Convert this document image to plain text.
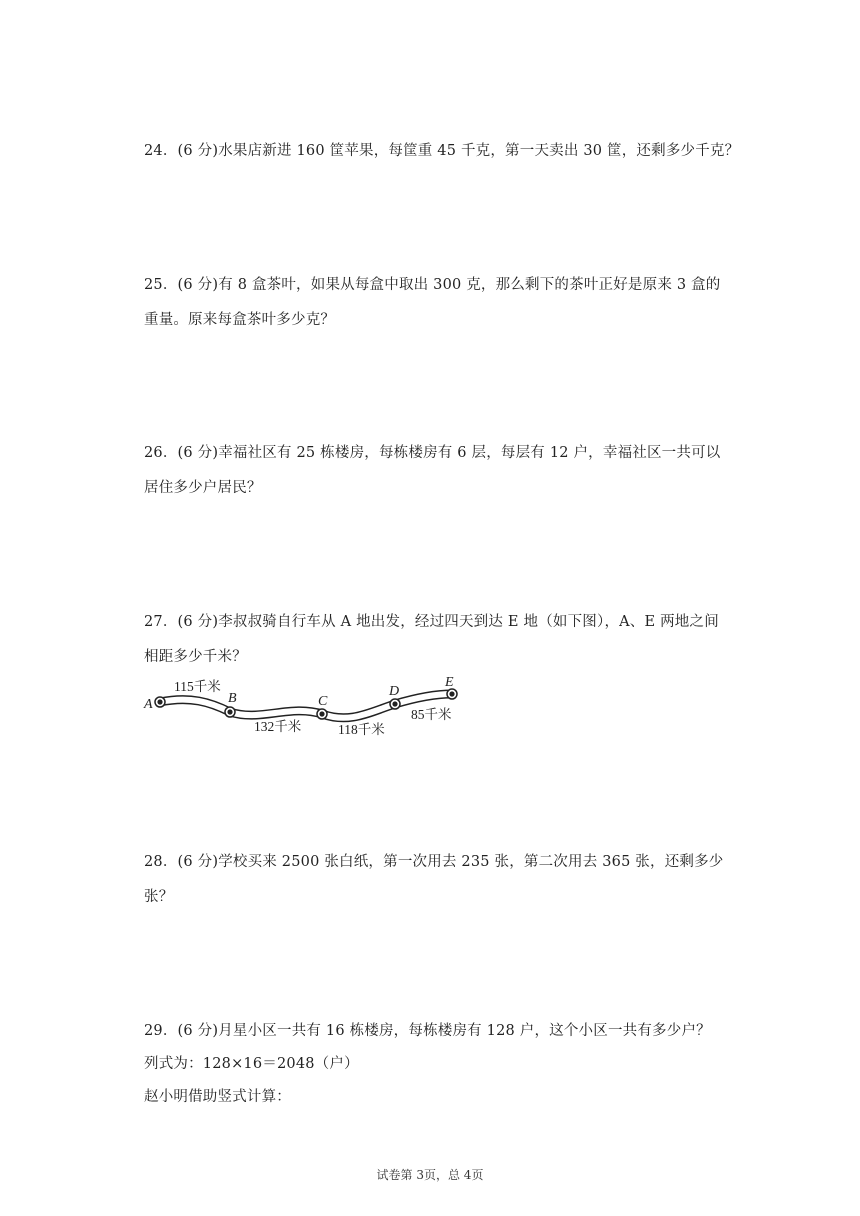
24．(6 分)水果店新进 160 筐苹果，每筐重 45 千克，第一天卖出 30 筐，还剩多少千克？
25．(6 分)有 8 盒茶叶，如果从每盒中取出 300 克，那么剩下的茶叶正好是原来 3 盒的
重量。原来每盒茶叶多少克？
26．(6 分)幸福社区有 25 栋楼房，每栋楼房有 6 层，每层有 12 户，幸福社区一共可以
居住多少户居民？
27．(6 分)李叔叔骑自行车从 A 地出发，经过四天到达 E 地（如下图），A、E 两地之间
相距多少千米？
A	B	C
D
E
115千米
132千米	118千米
85千米
28．(6 分)学校买来 2500 张白纸，第一次用去 235 张，第二次用去 365 张，还剩多少
张？
29．(6 分)月星小区一共有 16 栋楼房，每栋楼房有 128 户，这个小区一共有多少户？
列式为：128×16＝2048（户）
赵小明借助竖式计算：
试卷第 3页，总 4页
